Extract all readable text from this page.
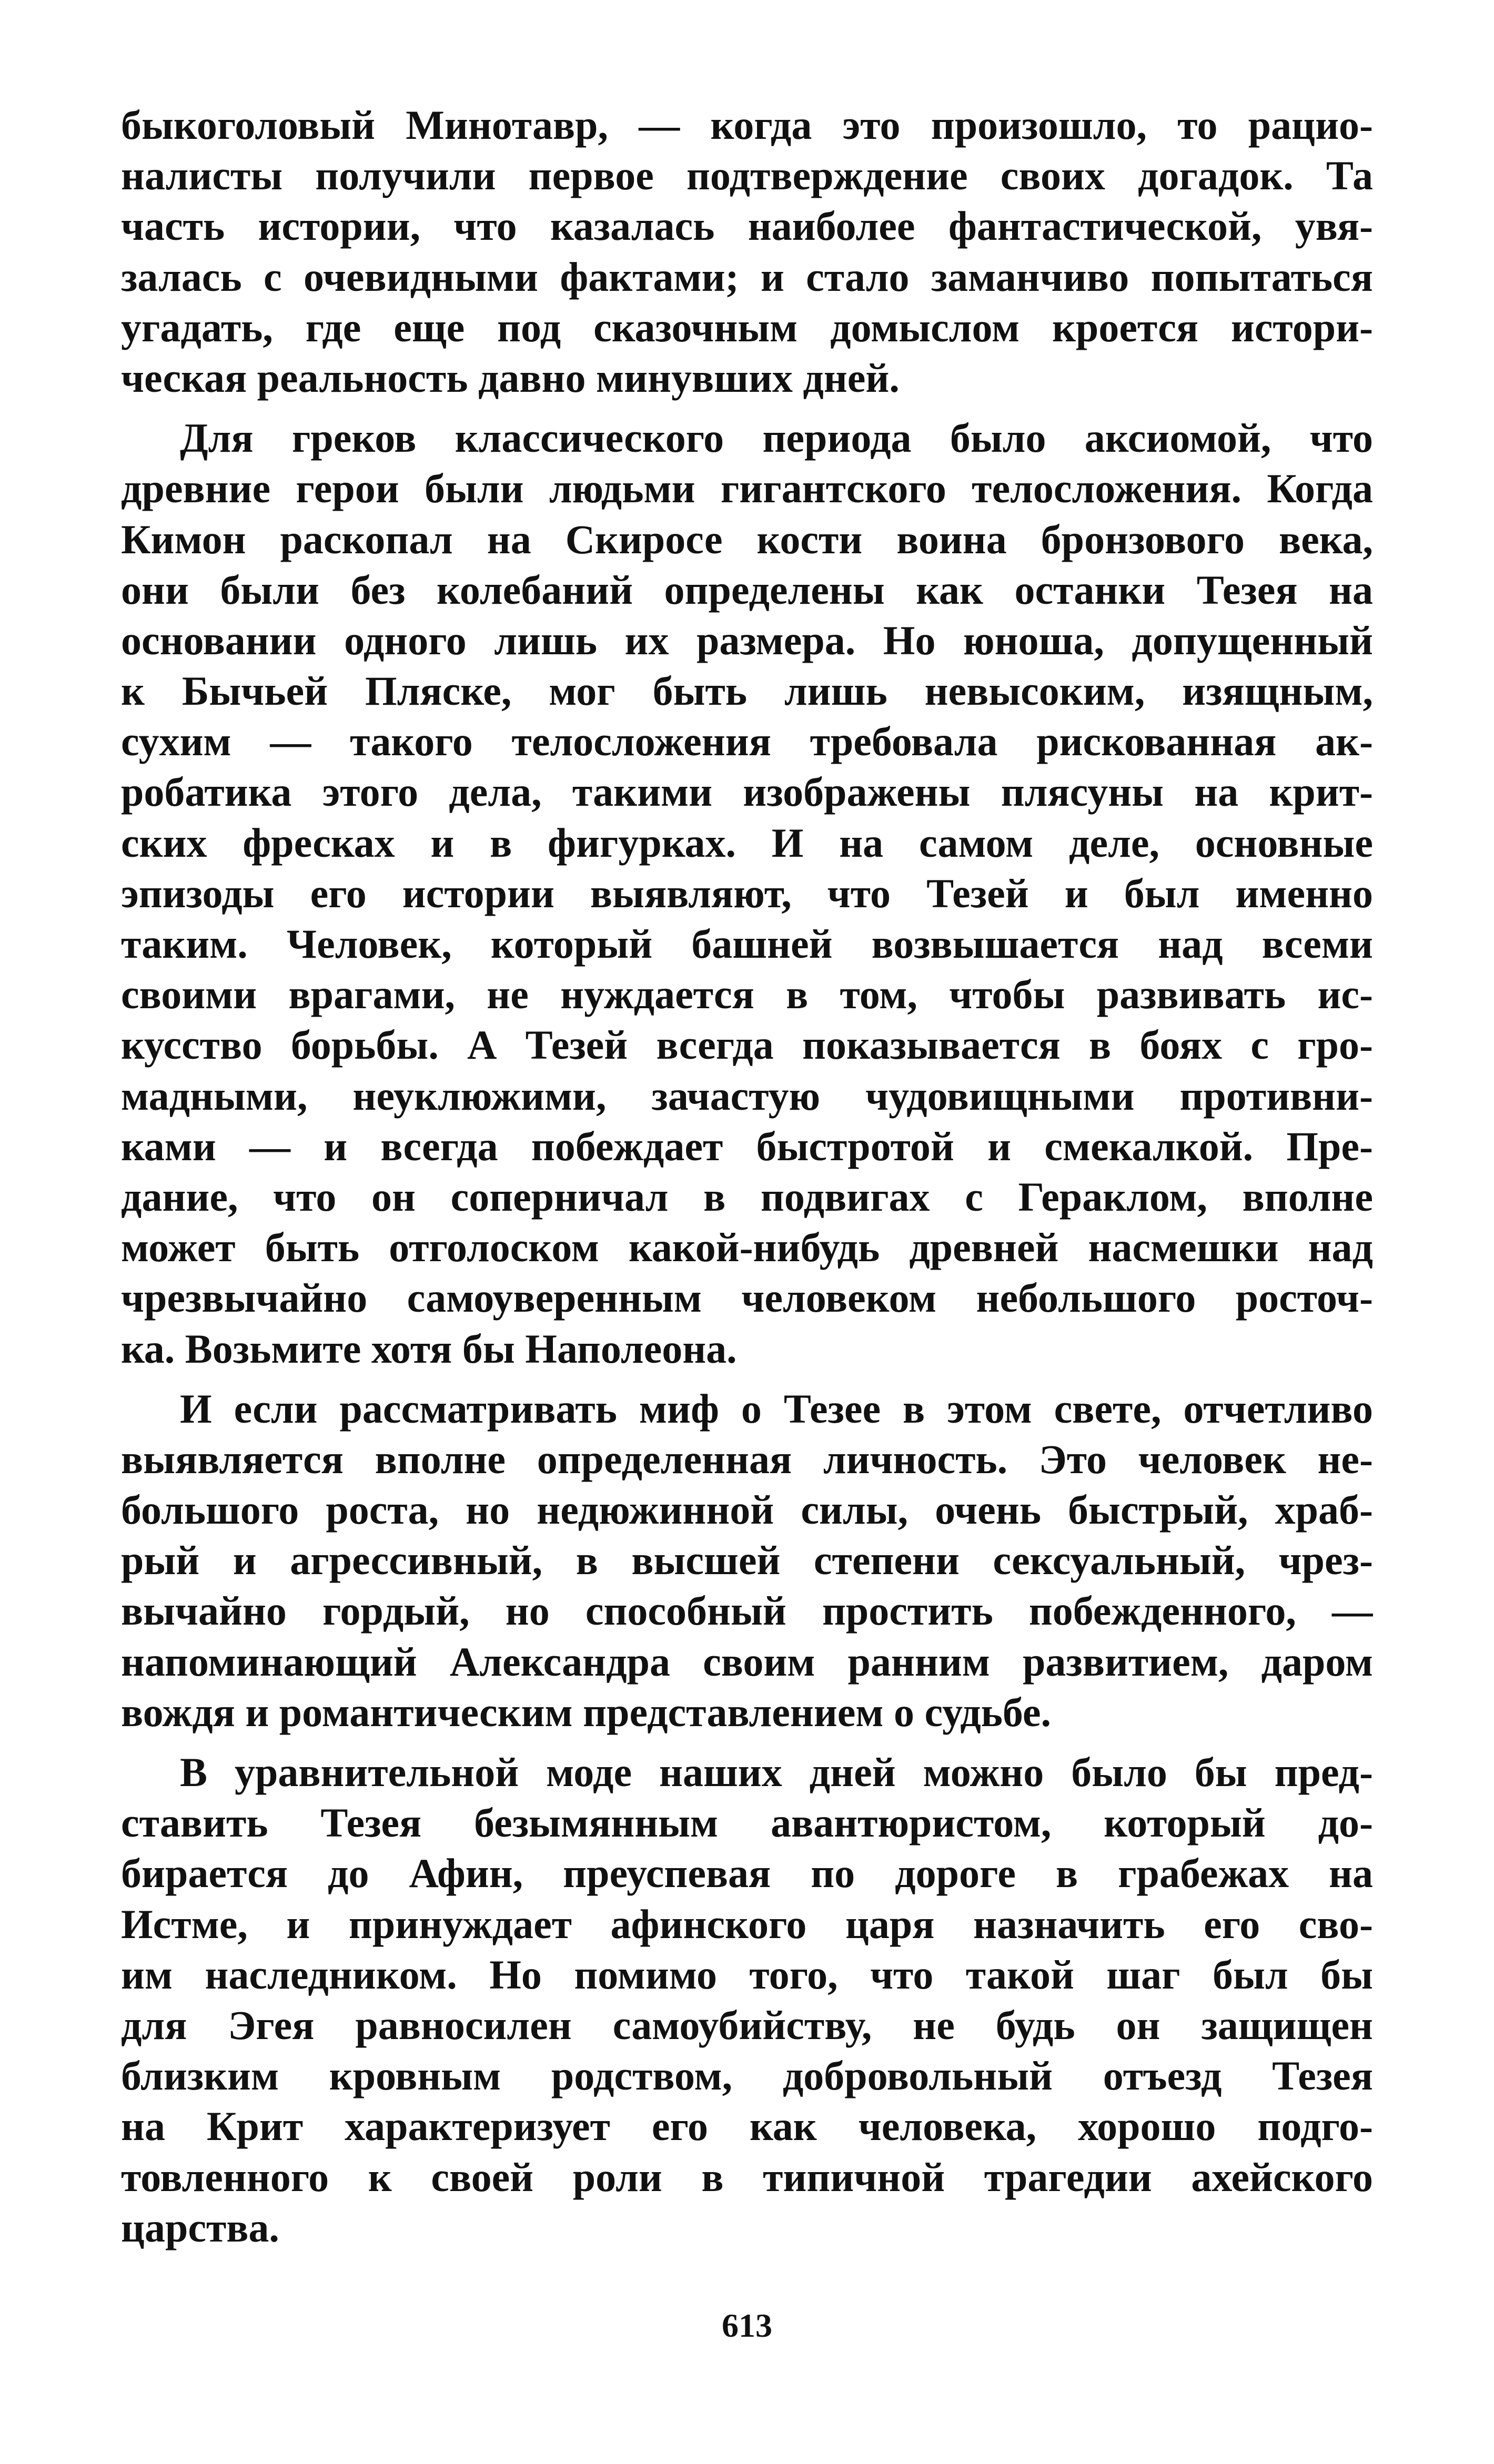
быкоголовый Минотавр, — когда это произошло, то рацио-
налисты получили первое подтверждение своих догадок. Та
часть истории, что казалась наиболее фантастической, увя-
залась с очевидными фактами; и стало заманчиво попытаться
угадать, где еще под сказочным домыслом кроется истори-
ческая реальность давно минувших дней.
Для греков классического периода было аксиомой, что
древние герои были людьми гигантского телосложения. Когда
Кимон раскопал на Скиросе кости воина бронзового века,
они были без колебаний определены как останки Тезея на
основании одного лишь их размера. Но юноша, допущенный
к Бычьей Пляске, мог быть лишь невысоким, изящным,
сухим — такого телосложения требовала рискованная ак-
робатика этого дела, такими изображены плясуны на крит-
ских фресках и в фигурках. И на самом деле, основные
эпизоды его истории выявляют, что Тезей и был именно
таким. Человек, который башней возвышается над всеми
своими врагами, не нуждается в том, чтобы развивать ис-
кусство борьбы. А Тезей всегда показывается в боях с гро-
мадными, неуклюжими, зачастую чудовищными противни-
ками — и всегда побеждает быстротой и смекалкой. Пре-
дание, что он соперничал в подвигах с Гераклом, вполне
может быть отголоском какой-нибудь древней насмешки над
чрезвычайно самоуверенным человеком небольшого росточ-
ка. Возьмите хотя бы Наполеона.
И если рассматривать миф о Тезее в этом свете, отчетливо
выявляется вполне определенная личность. Это человек не-
большого роста, но недюжинной силы, очень быстрый, храб-
рый и агрессивный, в высшей степени сексуальный, чрез-
вычайно гордый, но способный простить побежденного, —
напоминающий Александра своим ранним развитием, даром
вождя и романтическим представлением о судьбе.
В уравнительной моде наших дней можно было бы пред-
ставить Тезея безымянным авантюристом, который до-
бирается до Афин, преуспевая по дороге в грабежах на
Истме, и принуждает афинского царя назначить его сво-
им наследником. Но помимо того, что такой шаг был бы
для Эгея равносилен самоубийству, не будь он защищен
близким кровным родством, добровольный отъезд Тезея
на Крит характеризует его как человека, хорошо подго-
товленного к своей роли в типичной трагедии ахейского
царства.
613
